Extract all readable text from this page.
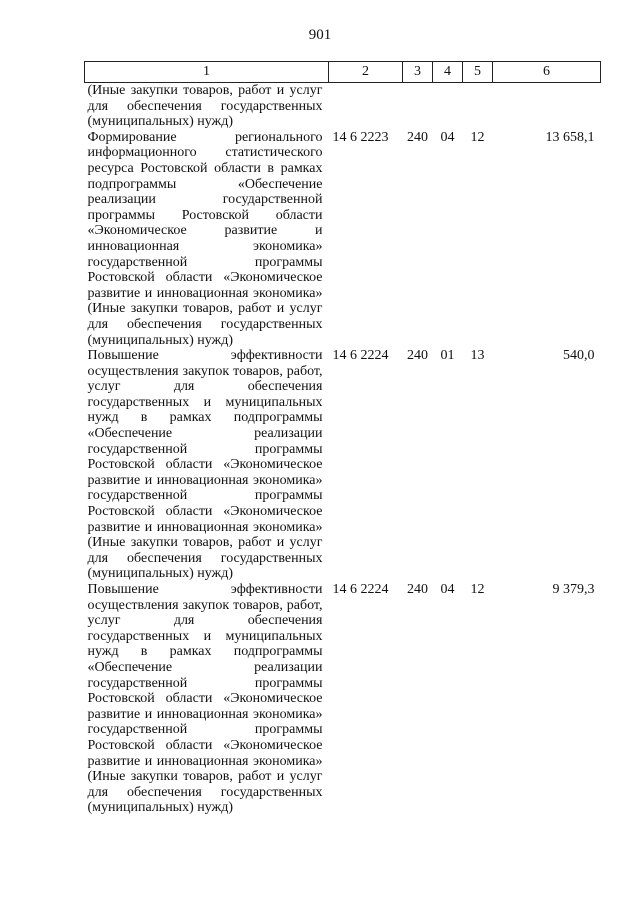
901
1	2	3	4	5	6
(Иные закупки товаров, работ и услуг для обеспечения государственных (муниципальных) нужд)					
Формирование регионального информационного статистического ресурса Ростовской области в рамках подпрограммы «Обеспечение реализации государственной программы Ростовской области «Экономическое развитие и инновационная экономика» государственной программы Ростовской области «Экономическое развитие и инновационная экономика» (Иные закупки товаров, работ и услуг для обеспечения государственных (муниципальных) нужд)	14 6 2223	240	04	12	13 658,1
Повышение эффективности осуществления закупок товаров, работ, услуг для обеспечения государственных и муниципальных нужд в рамках подпрограммы «Обеспечение реализации государственной программы Ростовской области «Экономическое развитие и инновационная экономика» государственной программы Ростовской области «Экономическое развитие и инновационная экономика» (Иные закупки товаров, работ и услуг для обеспечения государственных (муниципальных) нужд)	14 6 2224	240	01	13	540,0
Повышение эффективности осуществления закупок товаров, работ, услуг для обеспечения государственных и муниципальных нужд в рамках подпрограммы «Обеспечение реализации государственной программы Ростовской области «Экономическое развитие и инновационная экономика» государственной программы Ростовской области «Экономическое развитие и инновационная экономика» (Иные закупки товаров, работ и услуг для обеспечения государственных (муниципальных) нужд)	14 6 2224	240	04	12	9 379,3
